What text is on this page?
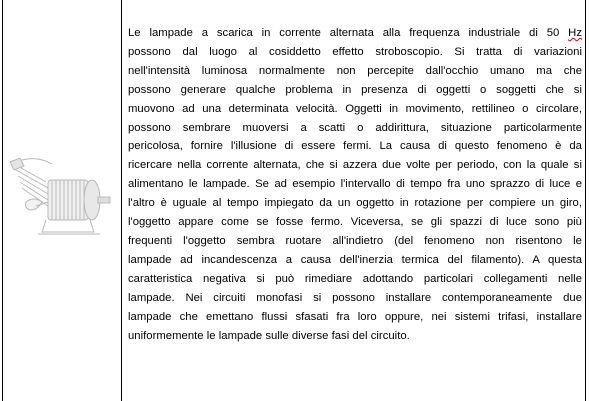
Le lampade a scarica in corrente alternata alla frequenza industriale di 50 Hz
possono dal luogo al cosiddetto effetto stroboscopio. Si tratta di variazioni
nell'intensità luminosa normalmente non percepite dall'occhio umano ma che
possono generare qualche problema in presenza di oggetti o soggetti che si
muovono ad una determinata velocità. Oggetti in movimento, rettilineo o circolare,
possono sembrare muoversi a scatti o addirittura, situazione particolarmente
pericolosa, fornire l'illusione di essere fermi. La causa di questo fenomeno è da
ricercare nella corrente alternata, che si azzera due volte per periodo, con la quale si
alimentano le lampade. Se ad esempio l'intervallo di tempo fra uno sprazzo di luce e
l'altro è uguale al tempo impiegato da un oggetto in rotazione per compiere un giro,
l'oggetto appare come se fosse fermo. Viceversa, se gli spazzi di luce sono più
frequenti l'oggetto sembra ruotare all'indietro (del fenomeno non risentono le
lampade ad incandescenza a causa dell'inerzia termica del filamento). A questa
caratteristica negativa si può rimediare adottando particolari collegamenti nelle
lampade. Nei circuiti monofasi si possono installare contemporaneamente due
lampade che emettano flussi sfasati fra loro oppure, nei sistemi trifasi, installare
uniformemente le lampade sulle diverse fasi del circuito.
